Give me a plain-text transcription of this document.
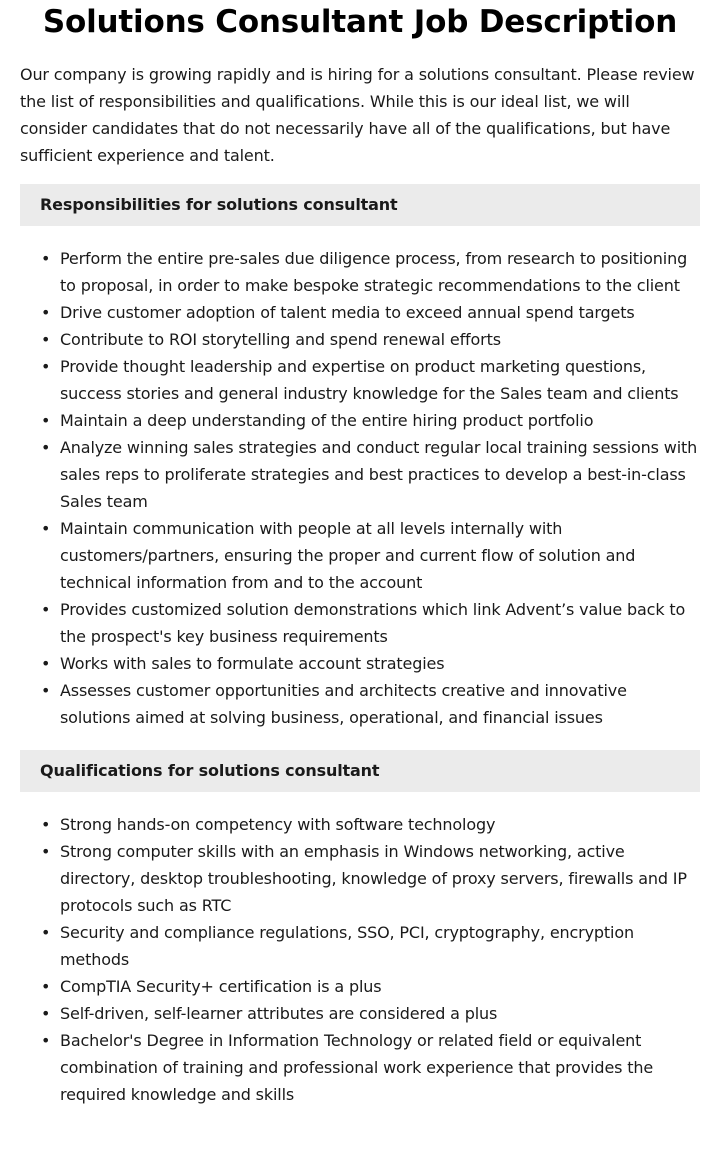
Solutions Consultant Job Description

Our company is growing rapidly and is hiring for a solutions consultant. Please review the list of responsibilities and qualifications. While this is our ideal list, we will consider candidates that do not necessarily have all of the qualifications, but have sufficient experience and talent.

Responsibilities for solutions consultant
• Perform the entire pre-sales due diligence process, from research to positioning to proposal, in order to make bespoke strategic recommendations to the client
• Drive customer adoption of talent media to exceed annual spend targets
• Contribute to ROI storytelling and spend renewal efforts
• Provide thought leadership and expertise on product marketing questions, success stories and general industry knowledge for the Sales team and clients
• Maintain a deep understanding of the entire hiring product portfolio
• Analyze winning sales strategies and conduct regular local training sessions with sales reps to proliferate strategies and best practices to develop a best-in-class Sales team
• Maintain communication with people at all levels internally with customers/partners, ensuring the proper and current flow of solution and technical information from and to the account
• Provides customized solution demonstrations which link Advent’s value back to the prospect's key business requirements
• Works with sales to formulate account strategies
• Assesses customer opportunities and architects creative and innovative solutions aimed at solving business, operational, and financial issues
Qualifications for solutions consultant
• Strong hands-on competency with software technology
• Strong computer skills with an emphasis in Windows networking, active directory, desktop troubleshooting, knowledge of proxy servers, firewalls and IP protocols such as RTC
• Security and compliance regulations, SSO, PCI, cryptography, encryption methods
• CompTIA Security+ certification is a plus
• Self-driven, self-learner attributes are considered a plus
• Bachelor's Degree in Information Technology or related field or equivalent combination of training and professional work experience that provides the required knowledge and skills
